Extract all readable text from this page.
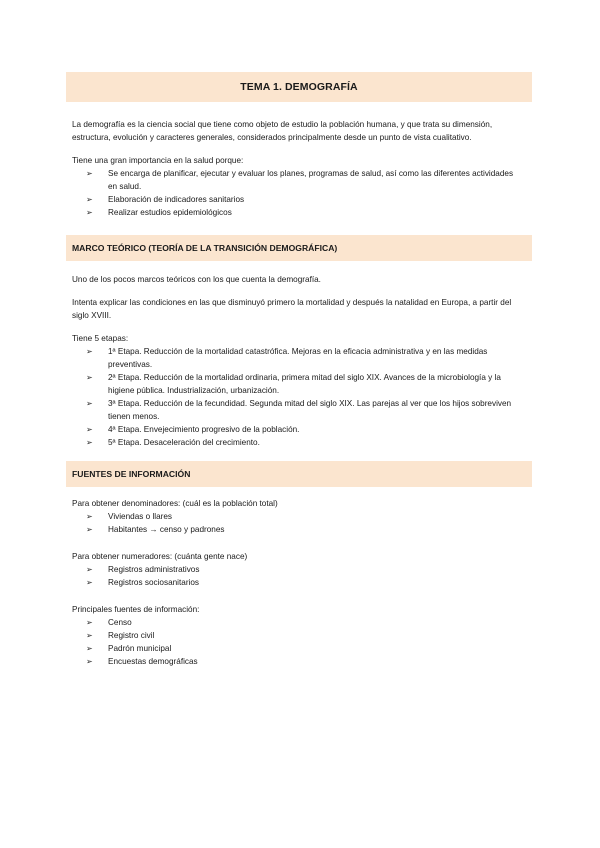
TEMA 1. DEMOGRAFÍA

La demografía es la ciencia social que tiene como objeto de estudio la población humana, y que trata su dimensión, estructura, evolución y caracteres generales, considerados principalmente desde un punto de vista cualitativo.

Tiene una gran importancia en la salud porque:

➢	Se encarga de planificar, ejecutar y evaluar los planes, programas de salud, así como las diferentes actividades en salud.
➢	Elaboración de indicadores sanitarios
➢	Realizar estudios epidemiológicos
MARCO TEÓRICO (TEORÍA DE LA TRANSICIÓN DEMOGRÁFICA)

Uno de los pocos marcos teóricos con los que cuenta la demografía.

Intenta explicar las condiciones en las que disminuyó primero la mortalidad y después la natalidad en Europa, a partir del siglo XVIII.

Tiene 5 etapas:

➢	1ª Etapa. Reducción de la mortalidad catastrófica. Mejoras en la eficacia administrativa y en las medidas preventivas.
➢	2ª Etapa. Reducción de la mortalidad ordinaria, primera mitad del siglo XIX. Avances de la microbiología y la higiene pública. Industrialización, urbanización.
➢	3ª Etapa. Reducción de la fecundidad. Segunda mitad del siglo XIX. Las parejas al ver que los hijos sobreviven tienen menos.
➢	4ª Etapa. Envejecimiento progresivo de la población.
➢	5ª Etapa. Desaceleración del crecimiento.
FUENTES DE INFORMACIÓN

Para obtener denominadores: (cuál es la población total)

➢	Viviendas o llares
➢	Habitantes → censo y padrones

Para obtener numeradores: (cuánta gente nace)

➢	Registros administrativos
➢	Registros sociosanitarios

Principales fuentes de información:

➢	Censo
➢	Registro civil
➢	Padrón municipal
➢	Encuestas demográficas
